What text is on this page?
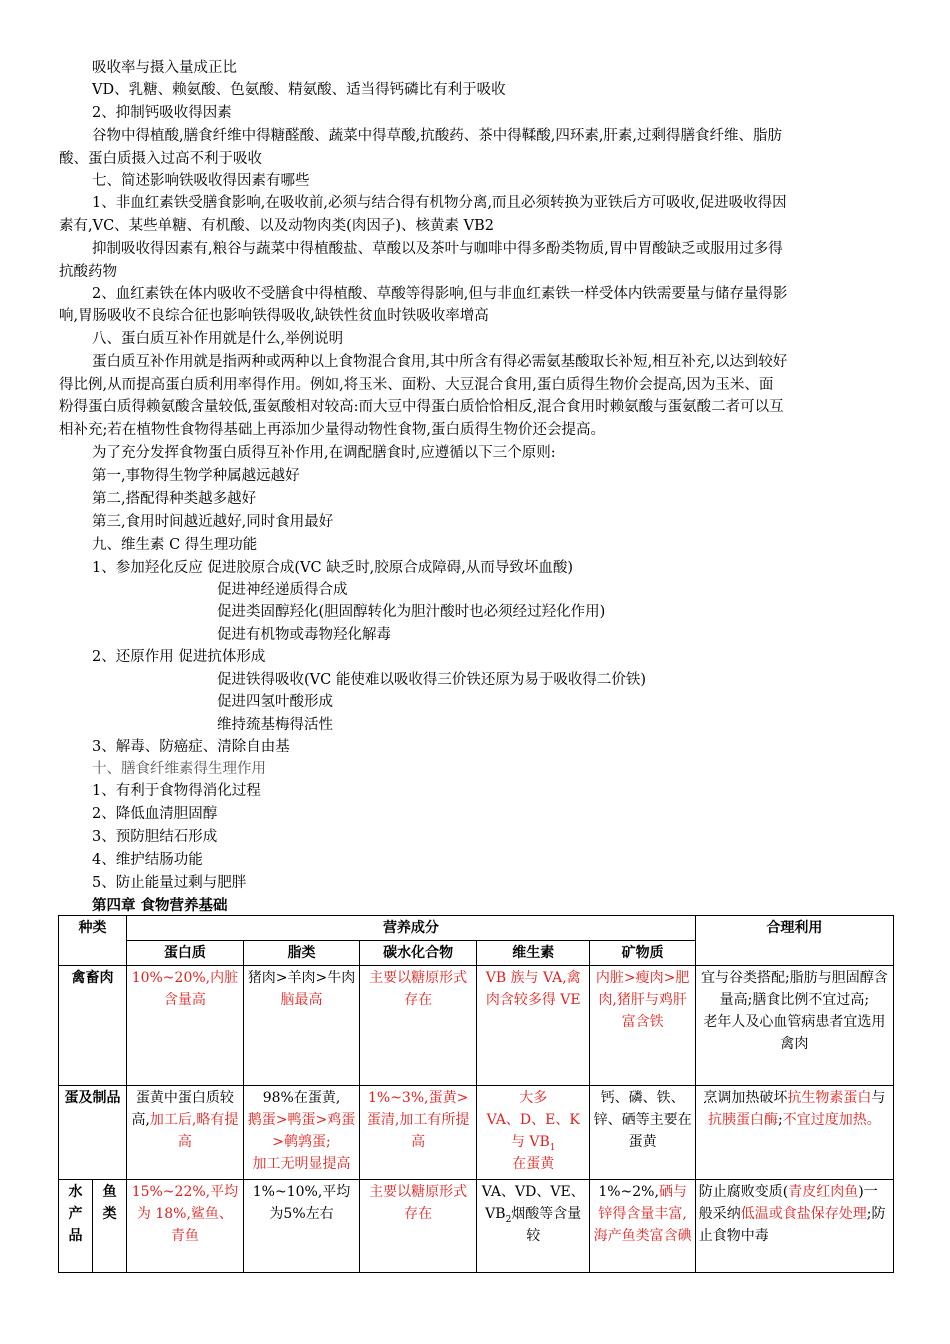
吸收率与摄入量成正比
VD、乳糖、赖氨酸、色氨酸、精氨酸、适当得钙磷比有利于吸收
2、抑制钙吸收得因素
谷物中得植酸,膳食纤维中得糖醛酸、蔬菜中得草酸,抗酸药、茶中得鞣酸,四环素,肝素,过剩得膳食纤维、脂肪
酸、蛋白质摄入过高不利于吸收
七、简述影响铁吸收得因素有哪些
1、非血红素铁受膳食影响,在吸收前,必须与结合得有机物分离,而且必须转换为亚铁后方可吸收,促进吸收得因
素有,VC、某些单糖、有机酸、以及动物肉类(肉因子)、核黄素 VB2
抑制吸收得因素有,粮谷与蔬菜中得植酸盐、草酸以及茶叶与咖啡中得多酚类物质,胃中胃酸缺乏或服用过多得
抗酸药物
2、血红素铁在体内吸收不受膳食中得植酸、草酸等得影响,但与非血红素铁一样受体内铁需要量与储存量得影
响,胃肠吸收不良综合征也影响铁得吸收,缺铁性贫血时铁吸收率增高
八、蛋白质互补作用就是什么,举例说明
蛋白质互补作用就是指两种或两种以上食物混合食用,其中所含有得必需氨基酸取长补短,相互补充,以达到较好
得比例,从而提高蛋白质利用率得作用。例如,将玉米、面粉、大豆混合食用,蛋白质得生物价会提高,因为玉米、面
粉得蛋白质得赖氨酸含量较低,蛋氨酸相对较高:而大豆中得蛋白质恰恰相反,混合食用时赖氨酸与蛋氨酸二者可以互
相补充;若在植物性食物得基础上再添加少量得动物性食物,蛋白质得生物价还会提高。
为了充分发挥食物蛋白质得互补作用,在调配膳食时,应遵循以下三个原则:
第一,事物得生物学种属越远越好
第二,搭配得种类越多越好
第三,食用时间越近越好,同时食用最好
九、维生素 C 得生理功能
1、参加羟化反应 促进胶原合成(VC 缺乏时,胶原合成障碍,从而导致坏血酸)
促进神经递质得合成
促进类固醇羟化(胆固醇转化为胆汁酸时也必须经过羟化作用)
促进有机物或毒物羟化解毒
2、还原作用 促进抗体形成
促进铁得吸收(VC 能使难以吸收得三价铁还原为易于吸收得二价铁)
促进四氢叶酸形成
维持巯基梅得活性
3、解毒、防癌症、清除自由基
十、膳食纤维素得生理作用
1、有利于食物得消化过程
2、降低血清胆固醇
3、预防胆结石形成
4、维护结肠功能
5、防止能量过剩与肥胖
第四章 食物营养基础
种类		营养成分					合理利用
		蛋白质	脂类	碳水化合物	维生素	矿物质	
禽畜肉		10%~20%,内脏含量高	猪肉>羊肉>牛肉
脑最高	主要以糖原形式存在	VB 族与 VA,禽肉含较多得 VE	内脏>瘦肉>肥肉,猪肝与鸡肝富含铁	宜与谷类搭配;脂肪与胆固醇含量高;膳食比例不宜过高;
老年人及心血管病患者宜选用禽肉
蛋及制品		蛋黄中蛋白质较高,加工后,略有提高	98%在蛋黄,
鹅蛋>鸭蛋>鸡蛋>鹌鹑蛋;
加工无明显提高	1%~3%,蛋黄>蛋清,加工有所提高	大多
VA、D、E、K 与 $VB_1$
在蛋黄	钙、磷、铁、锌、硒等主要在蛋黄	烹调加热破坏抗生物素蛋白与抗胰蛋白酶;不宜过度加热。
水产品	鱼类	15%~22%,平均为 18%,鲨鱼、青鱼	1%~10%,平均为5%左右	主要以糖原形式存在	VA、VD、VE、$VB_2$烟酸等含量较	1%~2%,硒与锌得含量丰富,海产鱼类富含碘	防止腐败变质(青皮红肉鱼)一般采纳低温或食盐保存处理;防止食物中毒
